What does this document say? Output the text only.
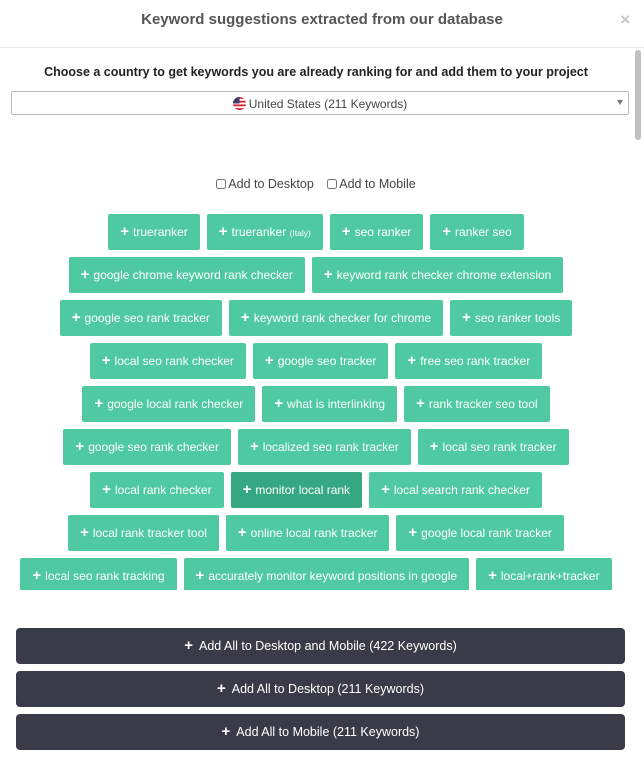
Keyword suggestions extracted from our database	×
Choose a country to get keywords you are already ranking for and add them to your project
United States (211 Keywords)
Add to Desktop Add to Mobile
+ trueranker	+ trueranker (Italy)	+ seo ranker	+ ranker seo
+ google chrome keyword rank checker	+ keyword rank checker chrome extension
+ google seo rank tracker	+ keyword rank checker for chrome	+ seo ranker tools
+ local seo rank checker	+ google seo tracker	+ free seo rank tracker
+ google local rank checker	+ what is interlinking	+ rank tracker seo tool
+ google seo rank checker	+ localized seo rank tracker	+ local seo rank tracker
+ local rank checker	+ monitor local rank	+ local search rank checker
+ local rank tracker tool	+ online local rank tracker	+ google local rank tracker
+ local seo rank tracking	+ accurately monitor keyword positions in google	+ local+rank+tracker
+ Add All to Desktop and Mobile (422 Keywords)
+ Add All to Desktop (211 Keywords)
+ Add All to Mobile (211 Keywords)
